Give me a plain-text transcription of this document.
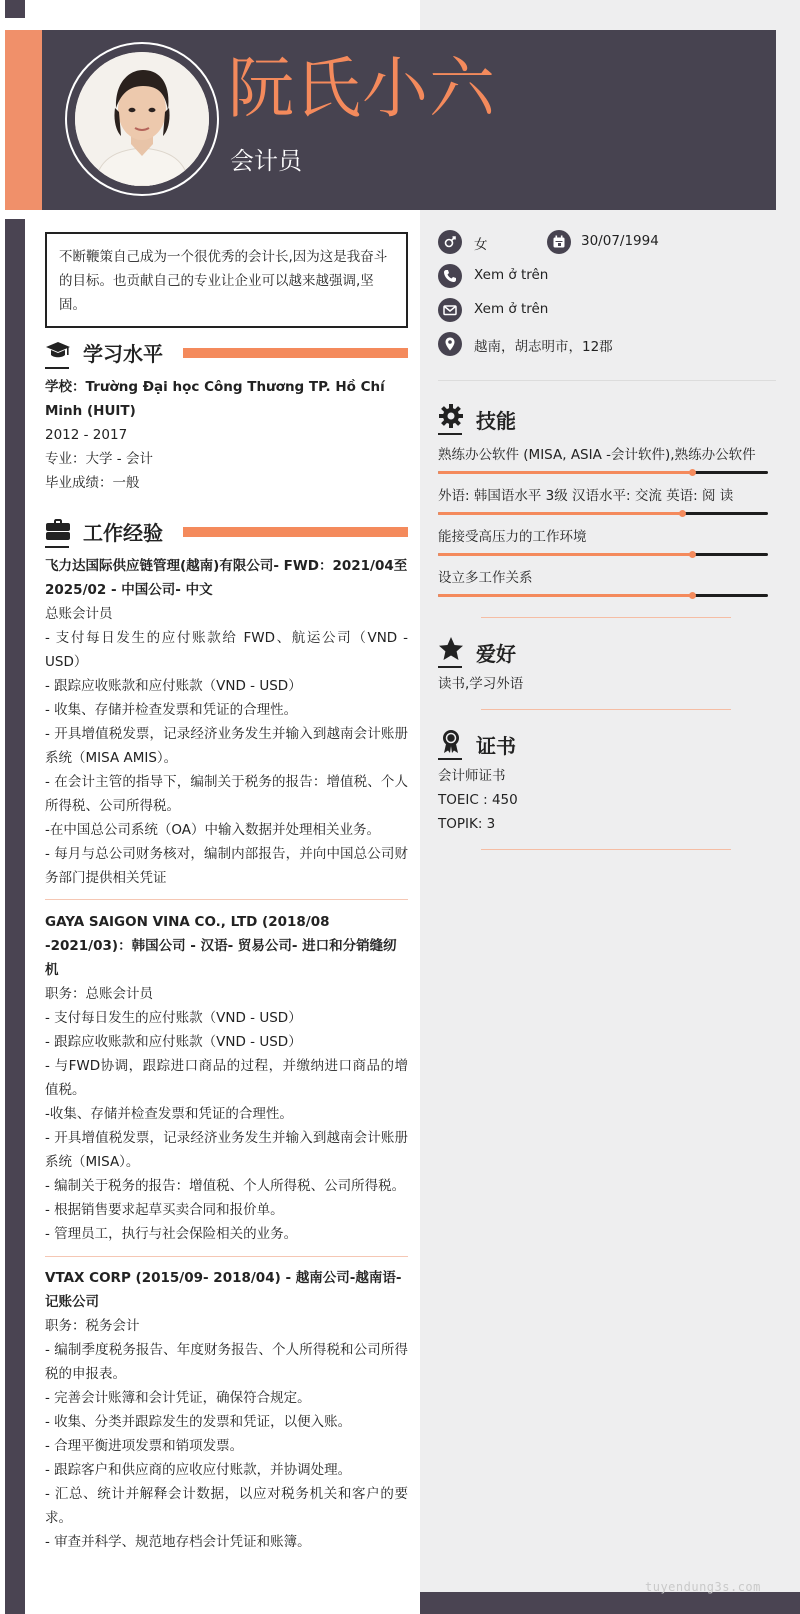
tuyendung3s.com
阮氏小六
会计员
不断鞭策自己成为一个很优秀的会计长,因为这是我奋斗的目标。也贡献自己的专业让企业可以越来越强调,坚固。
学习水平
学校：Trường Đại học Công Thương TP. Hồ Chí Minh (HUIT)
2012 - 2017
专业：大学 - 会计
毕业成绩：一般
工作经验
飞力达国际供应链管理(越南)有限公司- FWD：2021/04至2025/02 - 中国公司- 中文
总账会计员
- 支付每日发生的应付账款给 FWD、航运公司（VND - USD）
- 跟踪应收账款和应付账款（VND - USD）
- 收集、存储并检查发票和凭证的合理性。
- 开具增值税发票，记录经济业务发生并输入到越南会计账册系统（MISA AMIS）。
- 在会计主管的指导下，编制关于税务的报告：增值税、个人所得税、公司所得税。
-在中国总公司系统（OA）中输入数据并处理相关业务。
- 每月与总公司财务核对，编制内部报告，并向中国总公司财务部门提供相关凭证
GAYA SAIGON VINA CO., LTD (2018/08 -2021/03)：韩国公司 - 汉语- 贸易公司- 进口和分销缝纫机
职务：总账会计员
- 支付每日发生的应付账款（VND - USD）
- 跟踪应收账款和应付账款（VND - USD）
- 与FWD协调，跟踪进口商品的过程，并缴纳进口商品的增值税。
-收集、存储并检查发票和凭证的合理性。
- 开具增值税发票，记录经济业务发生并输入到越南会计账册系统（MISA）。
- 编制关于税务的报告：增值税、个人所得税、公司所得税。
- 根据销售要求起草买卖合同和报价单。
- 管理员工，执行与社会保险相关的业务。
VTAX CORP (2015/09- 2018/04) - 越南公司-越南语- 记账公司
职务：税务会计
- 编制季度税务报告、年度财务报告、个人所得税和公司所得税的申报表。
- 完善会计账簿和会计凭证，确保符合规定。
- 收集、分类并跟踪发生的发票和凭证，以便入账。
- 合理平衡进项发票和销项发票。
- 跟踪客户和供应商的应收应付账款，并协调处理。
- 汇总、统计并解释会计数据，以应对税务机关和客户的要求。
- 审查并科学、规范地存档会计凭证和账簿。
女	30/07/1994
Xem ở trên
Xem ở trên
越南，胡志明市，12郡
技能
熟练办公软件 (MISA, ASIA -会计软件),熟练办公软件
外语: 韩国语水平 3级 汉语水平: 交流 英语: 阅 读
能接受高压力的工作环境
设立多工作关系
爱好
读书,学习外语
证书
会计师证书
TOEIC : 450
TOPIK: 3
